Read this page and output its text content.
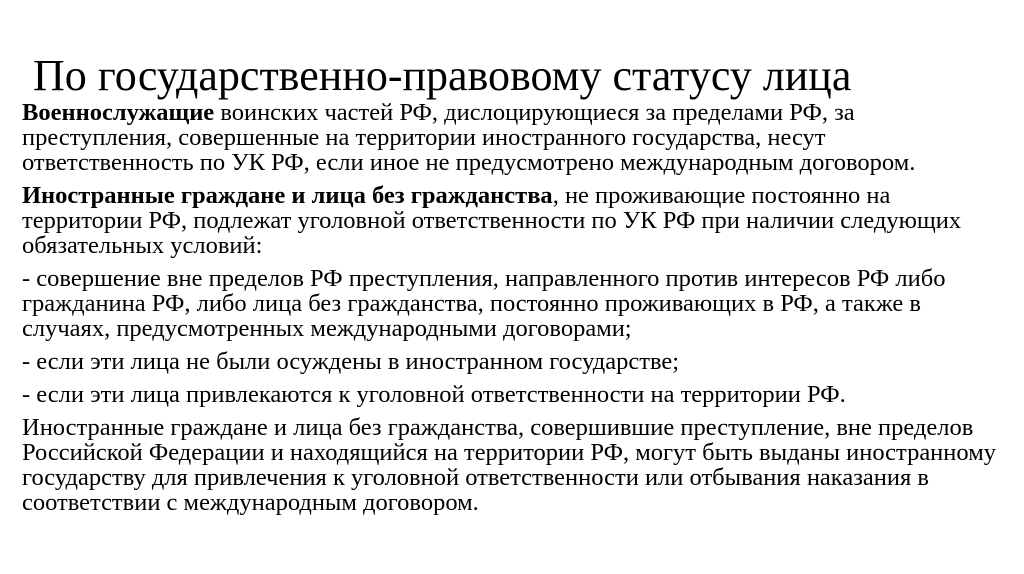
По государственно-правовому статусу лица

Военнослужащие воинских частей РФ, дислоцирующиеся за пределами РФ, за преступления, совершенные на территории иностранного государства, несут ответственность по УК РФ, если иное не предусмотрено международным договором.

Иностранные граждане и лица без гражданства, не проживающие постоянно на территории РФ, подлежат уголовной ответственности по УК РФ при наличии следующих обязательных условий:

- совершение вне пределов РФ преступления, направленного против интересов РФ либо гражданина РФ, либо лица без гражданства, постоянно проживающих в РФ, а также в случаях, предусмотренных международными договорами;

- если эти лица не были осуждены в иностранном государстве;

- если эти лица привлекаются к уголовной ответственности на территории РФ.

Иностранные граждане и лица без гражданства, совершившие преступление, вне пределов Российской Федерации и находящийся на территории РФ, могут быть выданы иностранному государству для привлечения к уголовной ответственности или отбывания наказания в соответствии с международным договором.
